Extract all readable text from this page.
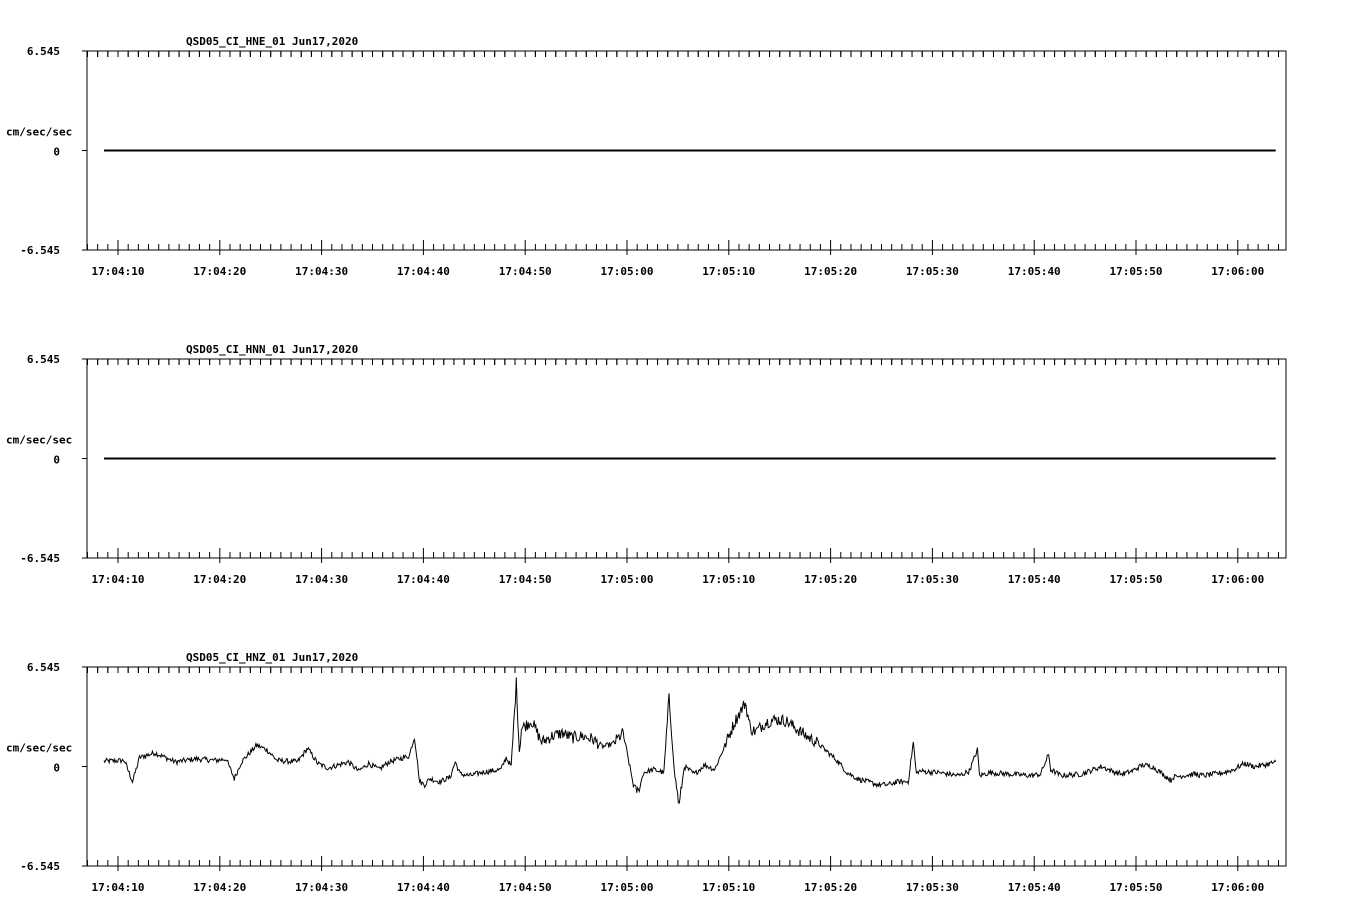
QSD05_CI_HNE_01 Jun17,2020
6.545
0
-6.545
cm/sec/sec
17:04:10	17:04:20	17:04:30	17:04:40	17:04:50	17:05:00	17:05:10	17:05:20	17:05:30	17:05:40	17:05:50	17:06:00
QSD05_CI_HNN_01 Jun17,2020
6.545
0
-6.545
cm/sec/sec
17:04:10	17:04:20	17:04:30	17:04:40	17:04:50	17:05:00	17:05:10	17:05:20	17:05:30	17:05:40	17:05:50	17:06:00
QSD05_CI_HNZ_01 Jun17,2020
6.545
0
-6.545
cm/sec/sec
17:04:10	17:04:20	17:04:30	17:04:40	17:04:50	17:05:00	17:05:10	17:05:20	17:05:30	17:05:40	17:05:50	17:06:00
